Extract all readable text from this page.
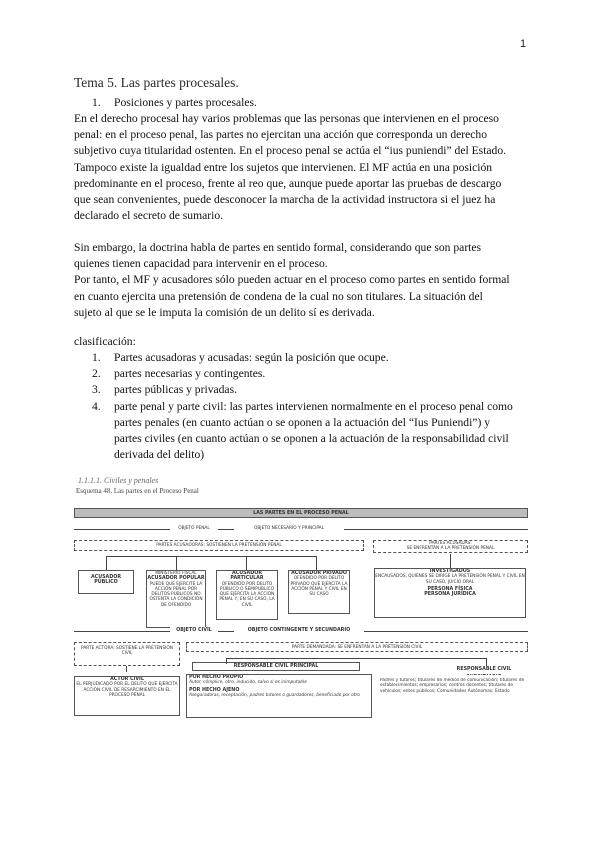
1
Tema 5. Las partes procesales.
1. Posiciones y partes procesales.
En el derecho procesal hay varios problemas que las personas que intervienen en el proceso
penal: en el proceso penal, las partes no ejercitan una acción que corresponda un derecho
subjetivo cuya titularidad ostenten. En el proceso penal se actúa el “ius puniendi” del Estado.
Tampoco existe la igualdad entre los sujetos que intervienen. El MF actúa en una posición
predominante en el proceso, frente al reo que, aunque puede aportar las pruebas de descargo
que sean convenientes, puede desconocer la marcha de la actividad instructora si el juez ha
declarado el secreto de sumario.
Sin embargo, la doctrina habla de partes en sentido formal, considerando que son partes
quienes tienen capacidad para intervenir en el proceso.
Por tanto, el MF y acusadores sólo pueden actuar en el proceso como partes en sentido formal
en cuanto ejercita una pretensión de condena de la cual no son titulares. La situación del
sujeto al que se le imputa la comisión de un delito sí es derivada.
clasificación:
1. Partes acusadoras y acusadas: según la posición que ocupe.
2. partes necesarias y contingentes.
3. partes públicas y privadas.
4. parte penal y parte civil: las partes intervienen normalmente en el proceso penal como
partes penales (en cuanto actúan o se oponen a la actuación del “Ius Puniendi”) y
partes civiles (en cuanto actúan o se oponen a la actuación de la responsabilidad civil
derivada del delito)
1.1.1.1. Civiles y penales
Esquema 48. Las partes en el Proceso Penal
LAS PARTES EN EL PROCESO PENAL
OBJETO PENAL	OBJETO NECESARIO Y PRINCIPAL
PARTES ACUSADORAS: SOSTIENEN LA PRETENSIÓN PENAL	PARTES ACUSADAS:
SE ENFRENTAN A LA PRETENSIÓN PENAL
ACUSADOR PÚBLICO
MINISTERIO FISCAL
ACUSADOR POPULAR
PUEDE QUE EJERCITE LA ACCIÓN PENAL POR DELITOS PÚBLICOS NO OSTENTA LA CONDICIÓN DE OFENDIDO
ACUSADOR PARTICULAR
OFENDIDO POR DELITO PÚBLICO O SEMIPÚBLICO QUE EJERCITA LA ACCIÓN PENAL Y, EN SU CASO, LA CIVIL
ACUSADOR PRIVADO
OFENDIDO POR DELITO PRIVADO QUE EJERCITA LA ACCIÓN PENAL Y CIVIL EN SU CASO
INVESTIGADOS
ENCAUSADOS, QUIENES SE DIRIGE LA PRETENSIÓN PENAL Y CIVIL EN SU CASO, JUICIO ORAL
PERSONA FÍSICA
PERSONA JURÍDICA
OBJETO CIVIL	OBJETO CONTINGENTE Y SECUNDARIO
PARTE ACTORA: SOSTIENE LA PRETENSIÓN CIVIL
PARTE DEMANDADA: SE ENFRENTAN A LA PRETENSIÓN CIVIL
RESPONSABLE CIVIL PRINCIPAL
RESPONSABLE CIVIL
ACTOR CIVIL
EL PERJUDICADO POR EL DELITO QUE EJERCITA ACCIÓN CIVIL DE RESARCIMIENTO EN EL PROCESO PENAL
POR HECHO PROPIO
Autor, cómplice, otro, inducido, salvo si es inimputable
POR HECHO AJENO
Aseguradoras, receptación, padres tutores o guardadores, beneficiado por otro
Padres y tutores; titulares de medios de comunicación; titulares de establecimientos; empresarios; centros docentes; titulares de vehículos; entes públicos; Comunidades Autónomas; Estado
